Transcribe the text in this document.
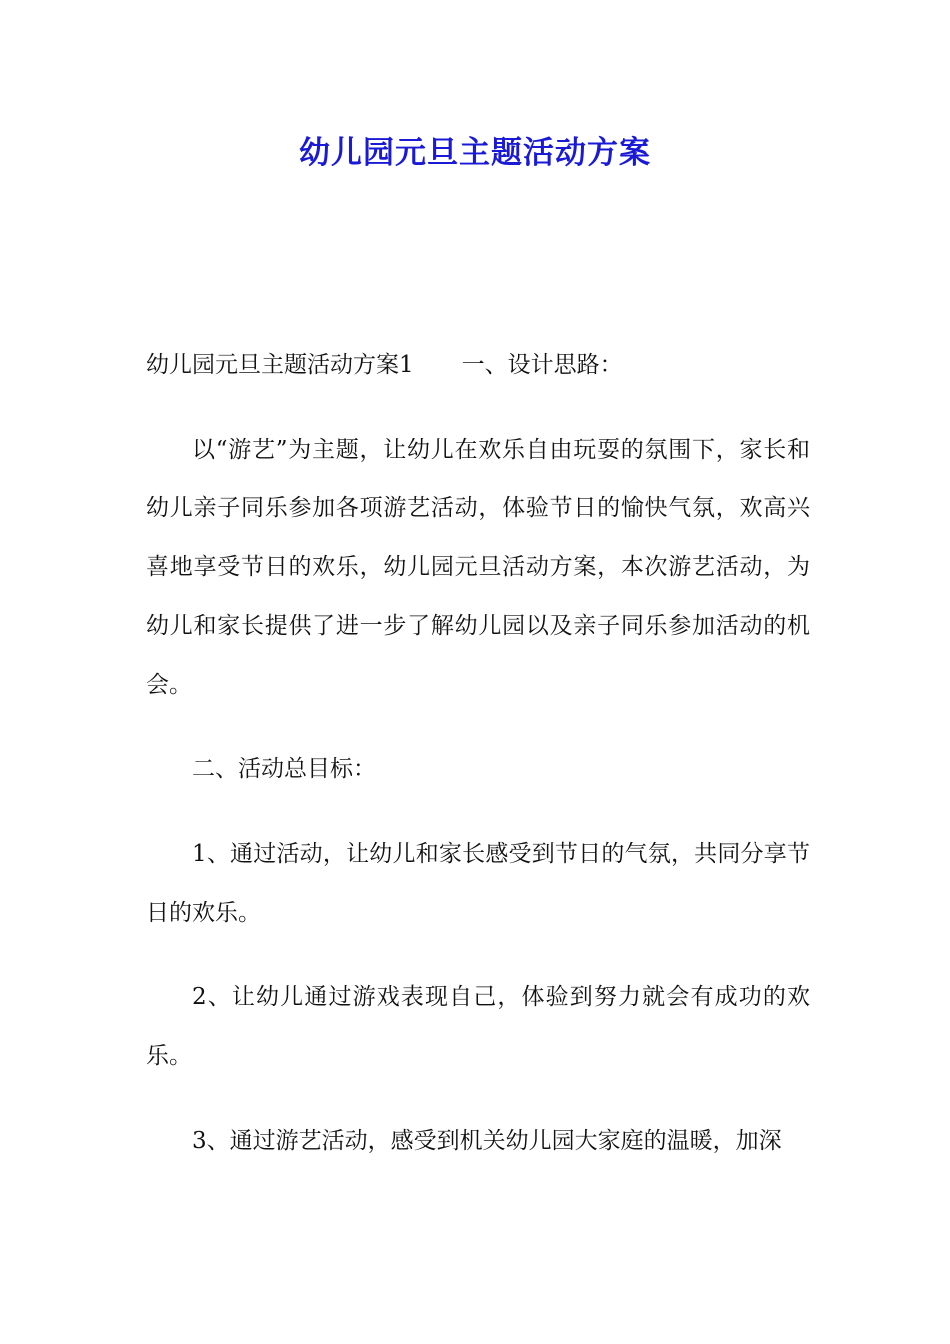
幼儿园元旦主题活动方案

幼儿园元旦主题活动方案1 一、设计思路：

以“游艺”为主题，让幼儿在欢乐自由玩耍的氛围下，家长和幼儿亲子同乐参加各项游艺活动，体验节日的愉快气氛，欢高兴喜地享受节日的欢乐，幼儿园元旦活动方案，本次游艺活动，为幼儿和家长提供了进一步了解幼儿园以及亲子同乐参加活动的机会。

二、活动总目标：

1、通过活动，让幼儿和家长感受到节日的气氛，共同分享节日的欢乐。

2、让幼儿通过游戏表现自己，体验到努力就会有成功的欢乐。

3、通过游艺活动，感受到机关幼儿园大家庭的温暖，加深
